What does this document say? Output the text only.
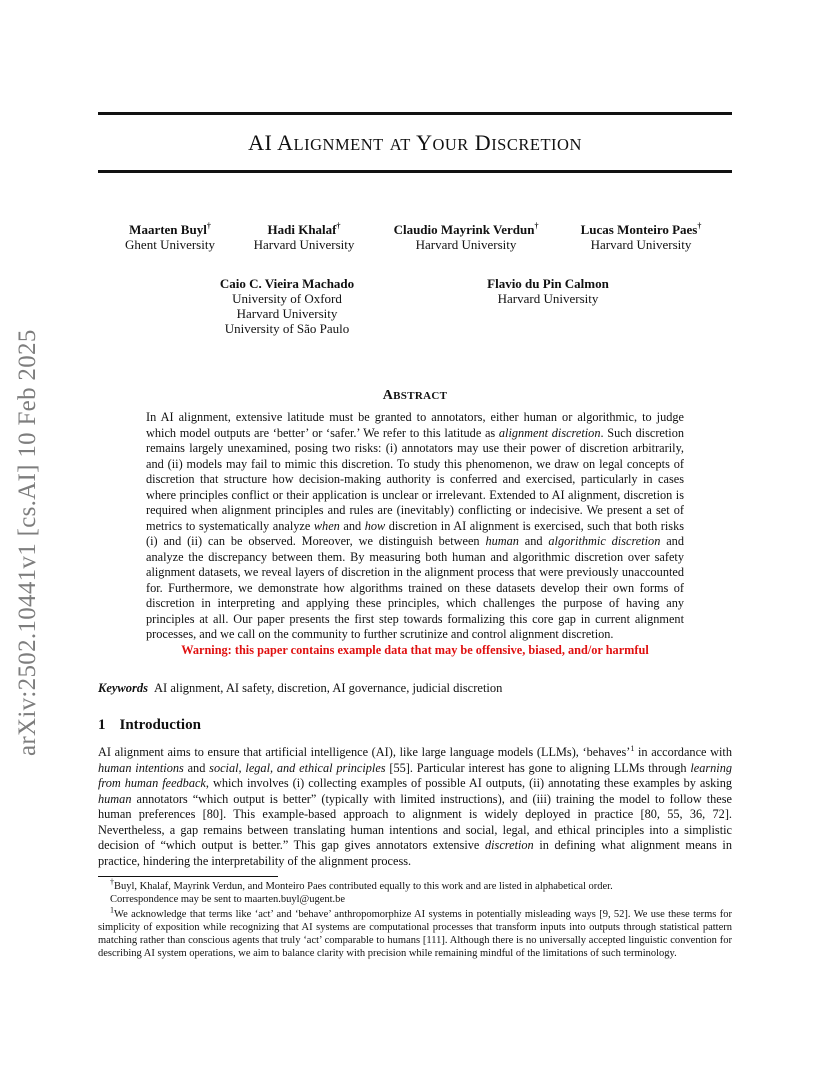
arXiv:2502.10441v1 [cs.AI] 10 Feb 2025
AI ALIGNMENT AT YOUR DISCRETION
Maarten Buyl†
Ghent University
Hadi Khalaf†
Harvard University
Claudio Mayrink Verdun†
Harvard University
Lucas Monteiro Paes†
Harvard University
Caio C. Vieira Machado
University of Oxford
Harvard University
University of São Paulo
Flavio du Pin Calmon
Harvard University
ABSTRACT
In AI alignment, extensive latitude must be granted to annotators, either human or algorithmic, to judge which model outputs are ‘better’ or ‘safer.’ We refer to this latitude as alignment discretion. Such discretion remains largely unexamined, posing two risks: (i) annotators may use their power of discretion arbitrarily, and (ii) models may fail to mimic this discretion. To study this phenomenon, we draw on legal concepts of discretion that structure how decision-making authority is conferred and exercised, particularly in cases where principles conflict or their application is unclear or irrelevant. Extended to AI alignment, discretion is required when alignment principles and rules are (inevitably) conflicting or indecisive. We present a set of metrics to systematically analyze when and how discretion in AI alignment is exercised, such that both risks (i) and (ii) can be observed. Moreover, we distinguish between human and algorithmic discretion and analyze the discrepancy between them. By measuring both human and algorithmic discretion over safety alignment datasets, we reveal layers of discretion in the alignment process that were previously unaccounted for. Furthermore, we demonstrate how algorithms trained on these datasets develop their own forms of discretion in interpreting and applying these principles, which challenges the purpose of having any principles at all. Our paper presents the first step towards formalizing this core gap in current alignment processes, and we call on the community to further scrutinize and control alignment discretion.
Warning: this paper contains example data that may be offensive, biased, and/or harmful
Keywords AI alignment, AI safety, discretion, AI governance, judicial discretion
1 Introduction
AI alignment aims to ensure that artificial intelligence (AI), like large language models (LLMs), ‘behaves’$^1$ in accordance with human intentions and social, legal, and ethical principles [55]. Particular interest has gone to aligning LLMs through learning from human feedback, which involves (i) collecting examples of possible AI outputs, (ii) annotating these examples by asking human annotators “which output is better” (typically with limited instructions), and (iii) training the model to follow these human preferences [80]. This example-based approach to alignment is widely deployed in practice [80, 55, 36, 72]. Nevertheless, a gap remains between translating human intentions and social, legal, and ethical principles into a simplistic decision of “which output is better.” This gap gives annotators extensive discretion in defining what alignment means in practice, hindering the interpretability of the alignment process.

†Buyl, Khalaf, Mayrink Verdun, and Monteiro Paes contributed equally to this work and are listed in alphabetical order.
Correspondence may be sent to maarten.buyl@ugent.be

$^1$We acknowledge that terms like ‘act’ and ‘behave’ anthropomorphize AI systems in potentially misleading ways [9, 52]. We use these terms for simplicity of exposition while recognizing that AI systems are computational processes that transform inputs into outputs through statistical pattern matching rather than conscious agents that truly ‘act’ comparable to humans [111]. Although there is no universally accepted linguistic convention for describing AI system operations, we aim to balance clarity with precision while remaining mindful of the limitations of such terminology.
